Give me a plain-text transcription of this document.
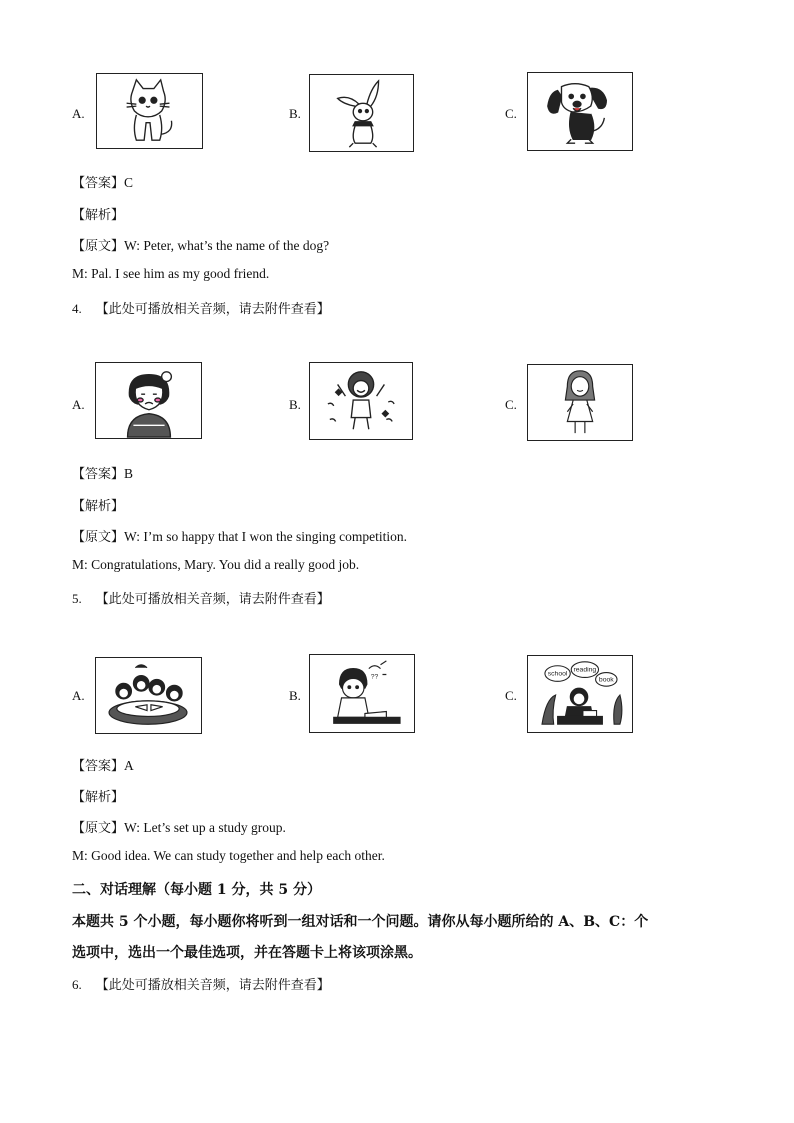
A.	B.	C.
【答案】C
【解析】
【原文】W: Peter, what’s the name of the dog?
M: Pal. I see him as my good friend.
4. 【此处可播放相关音频，请去附件查看】
A.	B.	C.
【答案】B
【解析】
【原文】W: I’m so happy that I won the singing competition.
M: Congratulations, Mary. You did a really good job.
5. 【此处可播放相关音频，请去附件查看】
A.	B.
??
C.
school
reading
book
【答案】A
【解析】
【原文】W: Let’s set up a study group.
M: Good idea. We can study together and help each other.
二、对话理解（每小题 1 分，共 5 分）
本题共 5 个小题，每小题你将听到一组对话和一个问题。请你从每小题所给的 A、B、C：个
选项中，选出一个最佳选项，并在答题卡上将该项涂黑。
6. 【此处可播放相关音频，请去附件查看】
